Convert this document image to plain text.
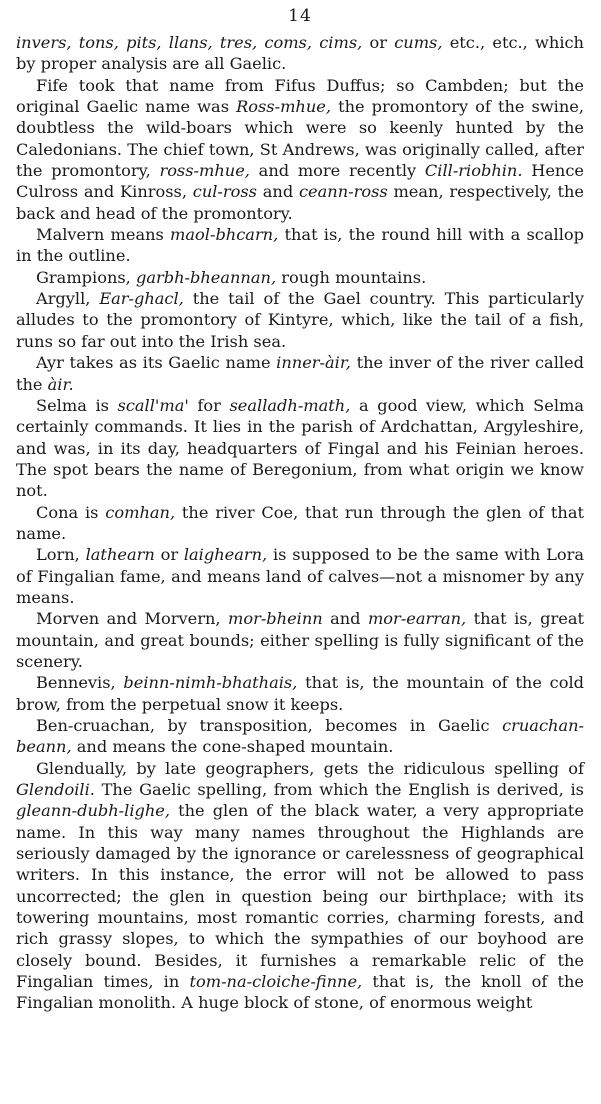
14

invers, tons, pits, llans, tres, coms, cims, or cums, etc., etc., which by proper analysis are all Gaelic.

Fife took that name from Fifus Duffus; so Cambden; but the original Gaelic name was Ross-mhue, the promontory of the swine, doubtless the wild-boars which were so keenly hunted by the Caledonians. The chief town, St Andrews, was originally called, after the promontory, ross-mhue, and more recently Cill-riobhin. Hence Culross and Kinross, cul-ross and ceann-ross mean, respectively, the back and head of the promontory.

Malvern means maol-bhcarn, that is, the round hill with a scallop in the outline.

Grampions, garbh-bheannan, rough mountains.

Argyll, Ear-ghacl, the tail of the Gael country. This particularly alludes to the promontory of Kintyre, which, like the tail of a fish, runs so far out into the Irish sea.

Ayr takes as its Gaelic name inner-àir, the inver of the river called the àir.

Selma is scall'ma' for sealladh-math, a good view, which Selma certainly commands. It lies in the parish of Ardchattan, Argyleshire, and was, in its day, headquarters of Fingal and his Feinian heroes. The spot bears the name of Beregonium, from what origin we know not.

Cona is comhan, the river Coe, that run through the glen of that name.

Lorn, lathearn or laighearn, is supposed to be the same with Lora of Fingalian fame, and means land of calves—not a misnomer by any means.

Morven and Morvern, mor-bheinn and mor-earran, that is, great mountain, and great bounds; either spelling is fully significant of the scenery.

Bennevis, beinn-nimh-bhathais, that is, the mountain of the cold brow, from the perpetual snow it keeps.

Ben-cruachan, by transposition, becomes in Gaelic cruachan-beann, and means the cone-shaped mountain.

Glendually, by late geographers, gets the ridiculous spelling of Glendoili. The Gaelic spelling, from which the English is derived, is gleann-dubh-lighe, the glen of the black water, a very appropriate name. In this way many names throughout the Highlands are seriously damaged by the ignorance or carelessness of geographical writers. In this instance, the error will not be allowed to pass uncorrected; the glen in question being our birthplace; with its towering mountains, most romantic corries, charming forests, and rich grassy slopes, to which the sympathies of our boyhood are closely bound. Besides, it furnishes a remarkable relic of the Fingalian times, in tom-na-cloiche-finne, that is, the knoll of the Fingalian monolith. A huge block of stone, of enormous weight
